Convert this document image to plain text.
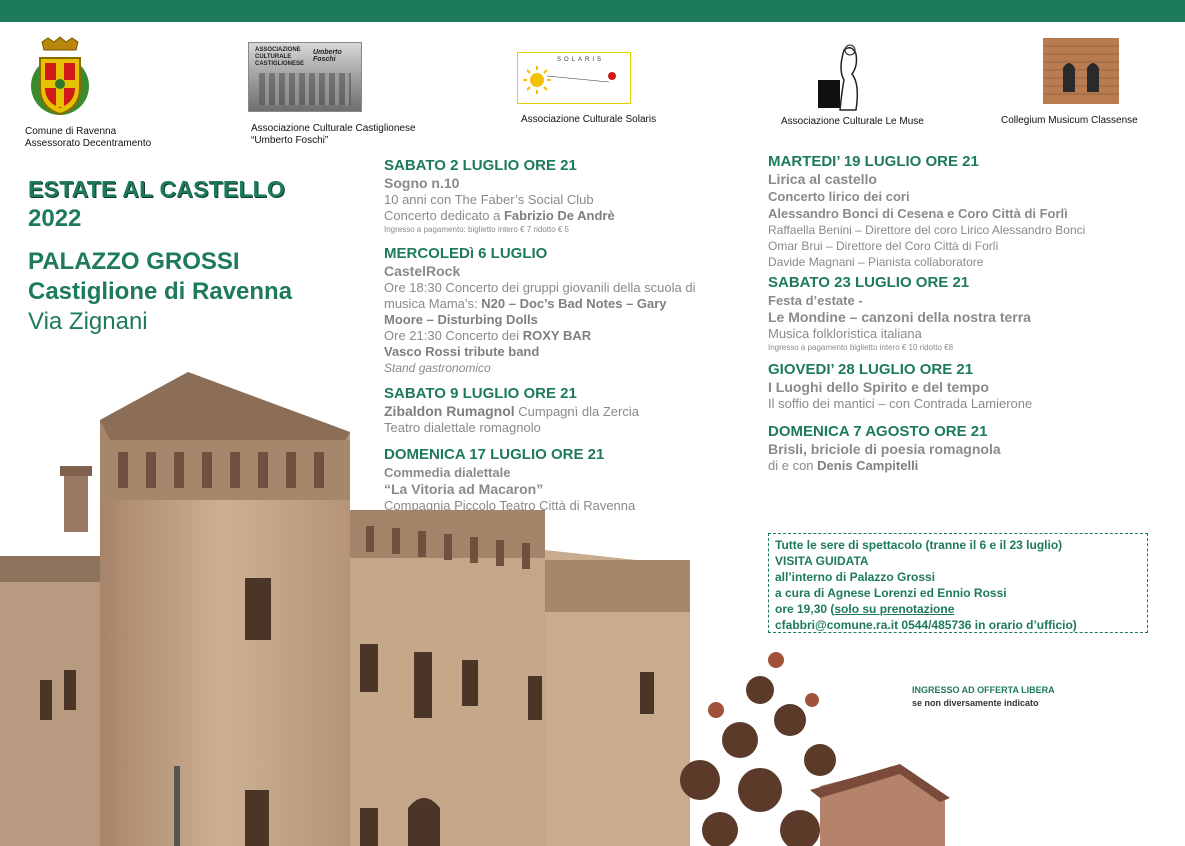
Comune di Ravenna
Assessorato Decentramento
ASSOCIAZIONE CULTURALE CASTIGLIONESE
Umberto Foschi
Associazione Culturale Castiglionese
“Umberto Foschi”
SOLARIS
Associazione Culturale Solaris	Associazione Culturale Le Muse	Collegium Musicum Classense
ESTATE AL CASTELLO
2022
PALAZZO GROSSI
Castiglione di Ravenna
Via Zignani
SABATO 2 LUGLIO ORE 21
Sogno n.10
10 anni con The Faber’s Social Club
Concerto dedicato a Fabrizio De Andrè
Ingresso a pagamento: biglietto intero € 7 ridotto € 5
MERCOLEDì 6 LUGLIO
CastelRock
Ore 18:30 Concerto dei gruppi giovanili della scuola di
musica Mama’s: N20 – Doc’s Bad Notes – Gary
Moore – Disturbing Dolls
Ore 21:30 Concerto dei ROXY BAR
Vasco Rossi tribute band
Stand gastronomico
SABATO 9 LUGLIO ORE 21
Zibaldon Rumagnol Cumpagnì dla Zercia
Teatro dialettale romagnolo
DOMENICA 17 LUGLIO ORE 21
Commedia dialettale
“La Vitoria ad Macaron”
Compagnia Piccolo Teatro Città di Ravenna
MARTEDI’ 19 LUGLIO ORE 21
Lirica al castello
Concerto lirico dei cori
Alessandro Bonci di Cesena e Coro Città di Forlì
Raffaella Benini – Direttore del coro Lirico Alessandro Bonci
Omar Brui – Direttore del Coro Città di Forlì
Davide Magnani – Pianista collaboratore
SABATO 23 LUGLIO ORE 21
Festa d’estate -
Le Mondine – canzoni della nostra terra
Musica folkloristica italiana
Ingresso a pagamento biglietto intero € 10 ridotto €8
GIOVEDI’ 28 LUGLIO ORE 21
I Luoghi dello Spirito e del tempo
Il soffio dei mantici – con Contrada Lamierone
DOMENICA 7 AGOSTO ORE 21
Brisli, briciole di poesia romagnola
di e con Denis Campitelli
Tutte le sere di spettacolo (tranne il 6 e il 23 luglio)
VISITA GUIDATA
all’interno di Palazzo Grossi
a cura di Agnese Lorenzi ed Ennio Rossi
ore 19,30 (solo su prenotazione
cfabbri@comune.ra.it 0544/485736 in orario d’ufficio)
INGRESSO AD OFFERTA LIBERA
se non diversamente indicato
